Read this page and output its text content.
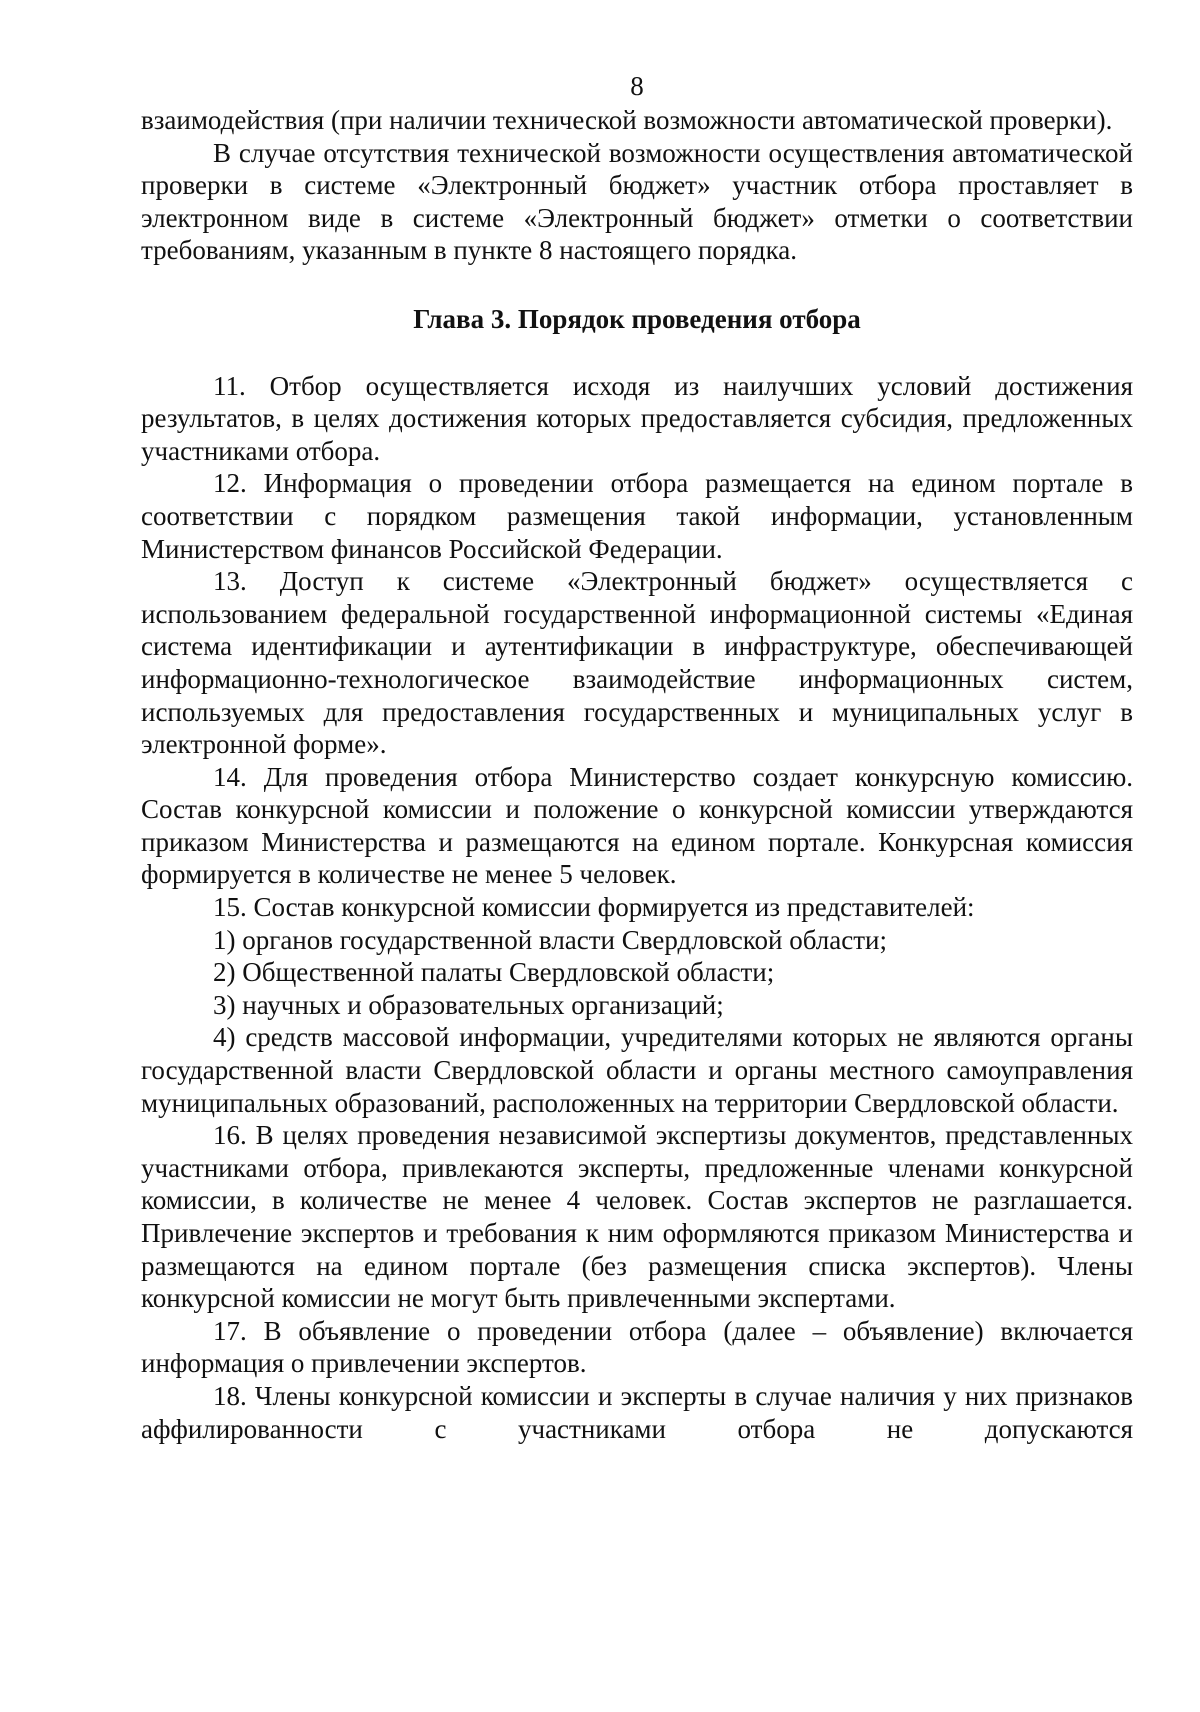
8

взаимодействия (при наличии технической возможности автоматической проверки).

В случае отсутствия технической возможности осуществления автоматической проверки в системе «Электронный бюджет» участник отбора проставляет в электронном виде в системе «Электронный бюджет» отметки о соответствии требованиям, указанным в пункте 8 настоящего порядка.

Глава 3. Порядок проведения отбора

11. Отбор осуществляется исходя из наилучших условий достижения результатов, в целях достижения которых предоставляется субсидия, предложенных участниками отбора.

12. Информация о проведении отбора размещается на едином портале в соответствии с порядком размещения такой информации, установленным Министерством финансов Российской Федерации.

13. Доступ к системе «Электронный бюджет» осуществляется с использованием федеральной государственной информационной системы «Единая система идентификации и аутентификации в инфраструктуре, обеспечивающей информационно-технологическое взаимодействие информационных систем, используемых для предоставления государственных и муниципальных услуг в электронной форме».

14. Для проведения отбора Министерство создает конкурсную комиссию. Состав конкурсной комиссии и положение о конкурсной комиссии утверждаются приказом Министерства и размещаются на едином портале. Конкурсная комиссия формируется в количестве не менее 5 человек.

15. Состав конкурсной комиссии формируется из представителей:

1) органов государственной власти Свердловской области;

2) Общественной палаты Свердловской области;

3) научных и образовательных организаций;

4) средств массовой информации, учредителями которых не являются органы государственной власти Свердловской области и органы местного самоуправления муниципальных образований, расположенных на территории Свердловской области.

16. В целях проведения независимой экспертизы документов, представленных участниками отбора, привлекаются эксперты, предложенные членами конкурсной комиссии, в количестве не менее 4 человек. Состав экспертов не разглашается. Привлечение экспертов и требования к ним оформляются приказом Министерства и размещаются на едином портале (без размещения списка экспертов). Члены конкурсной комиссии не могут быть привлеченными экспертами.

17. В объявление о проведении отбора (далее – объявление) включается информация о привлечении экспертов.

18. Члены конкурсной комиссии и эксперты в случае наличия у них признаков аффилированности с участниками отбора не допускаются
